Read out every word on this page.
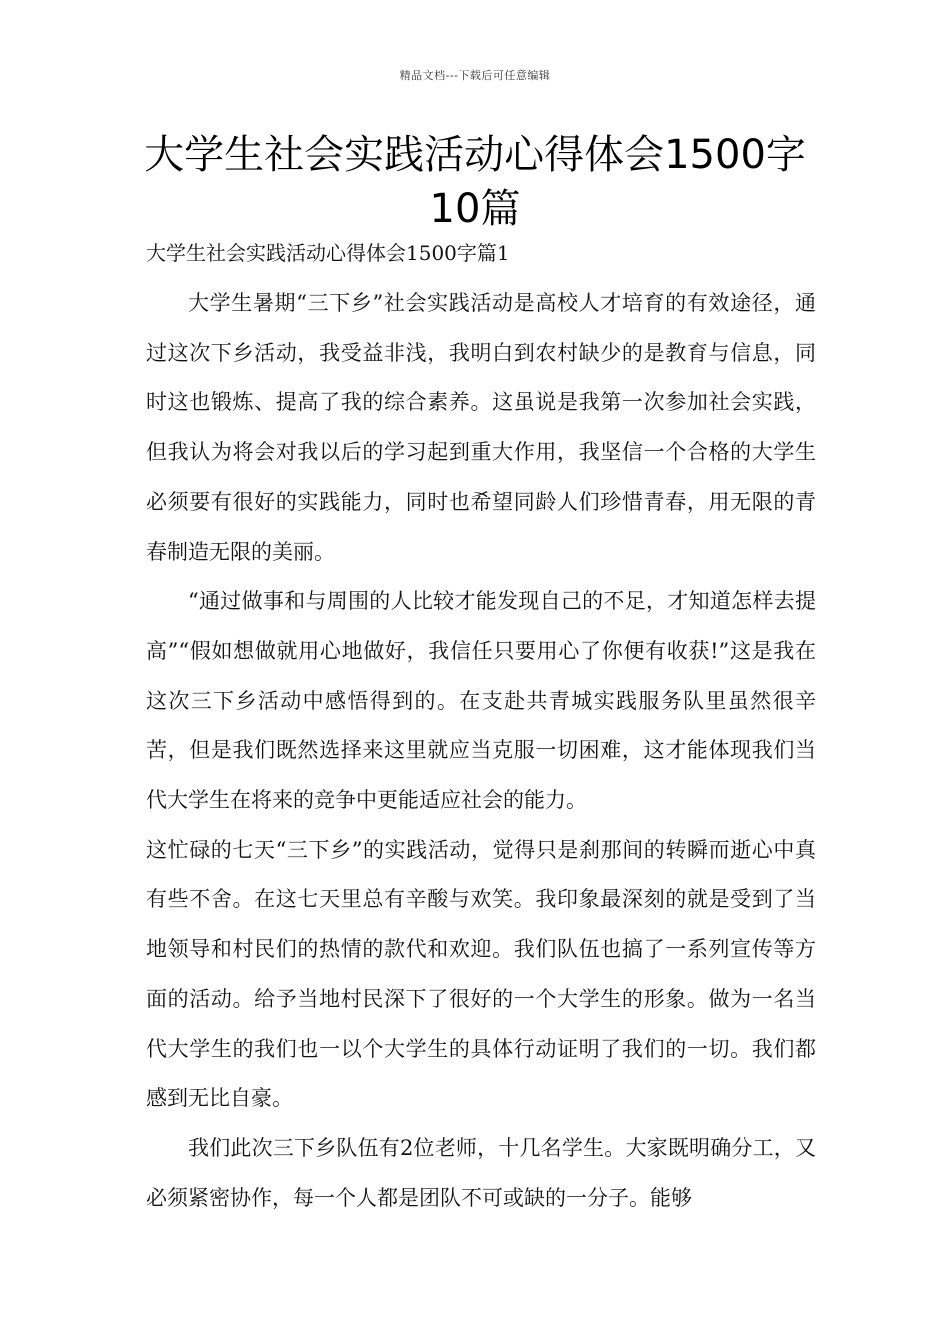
精品文档---下载后可任意编辑
大学生社会实践活动心得体会1500字10篇
大学生社会实践活动心得体会1500字篇1

大学生暑期“三下乡”社会实践活动是高校人才培育的有效途径，通过这次下乡活动，我受益非浅，我明白到农村缺少的是教育与信息，同时这也锻炼、提高了我的综合素养。这虽说是我第一次参加社会实践，但我认为将会对我以后的学习起到重大作用，我坚信一个合格的大学生必须要有很好的实践能力，同时也希望同龄人们珍惜青春，用无限的青春制造无限的美丽。

“通过做事和与周围的人比较才能发现自己的不足，才知道怎样去提高”“假如想做就用心地做好，我信任只要用心了你便有收获!”这是我在这次三下乡活动中感悟得到的。在支赴共青城实践服务队里虽然很辛苦，但是我们既然选择来这里就应当克服一切困难，这才能体现我们当代大学生在将来的竞争中更能适应社会的能力。

这忙碌的七天“三下乡”的实践活动，觉得只是刹那间的转瞬而逝心中真有些不舍。在这七天里总有辛酸与欢笑。我印象最深刻的就是受到了当地领导和村民们的热情的款代和欢迎。我们队伍也搞了一系列宣传等方面的活动。给予当地村民深下了很好的一个大学生的形象。做为一名当代大学生的我们也一以个大学生的具体行动证明了我们的一切。我们都感到无比自豪。

我们此次三下乡队伍有2位老师，十几名学生。大家既明确分工，又必须紧密协作，每一个人都是团队不可或缺的一分子。能够
